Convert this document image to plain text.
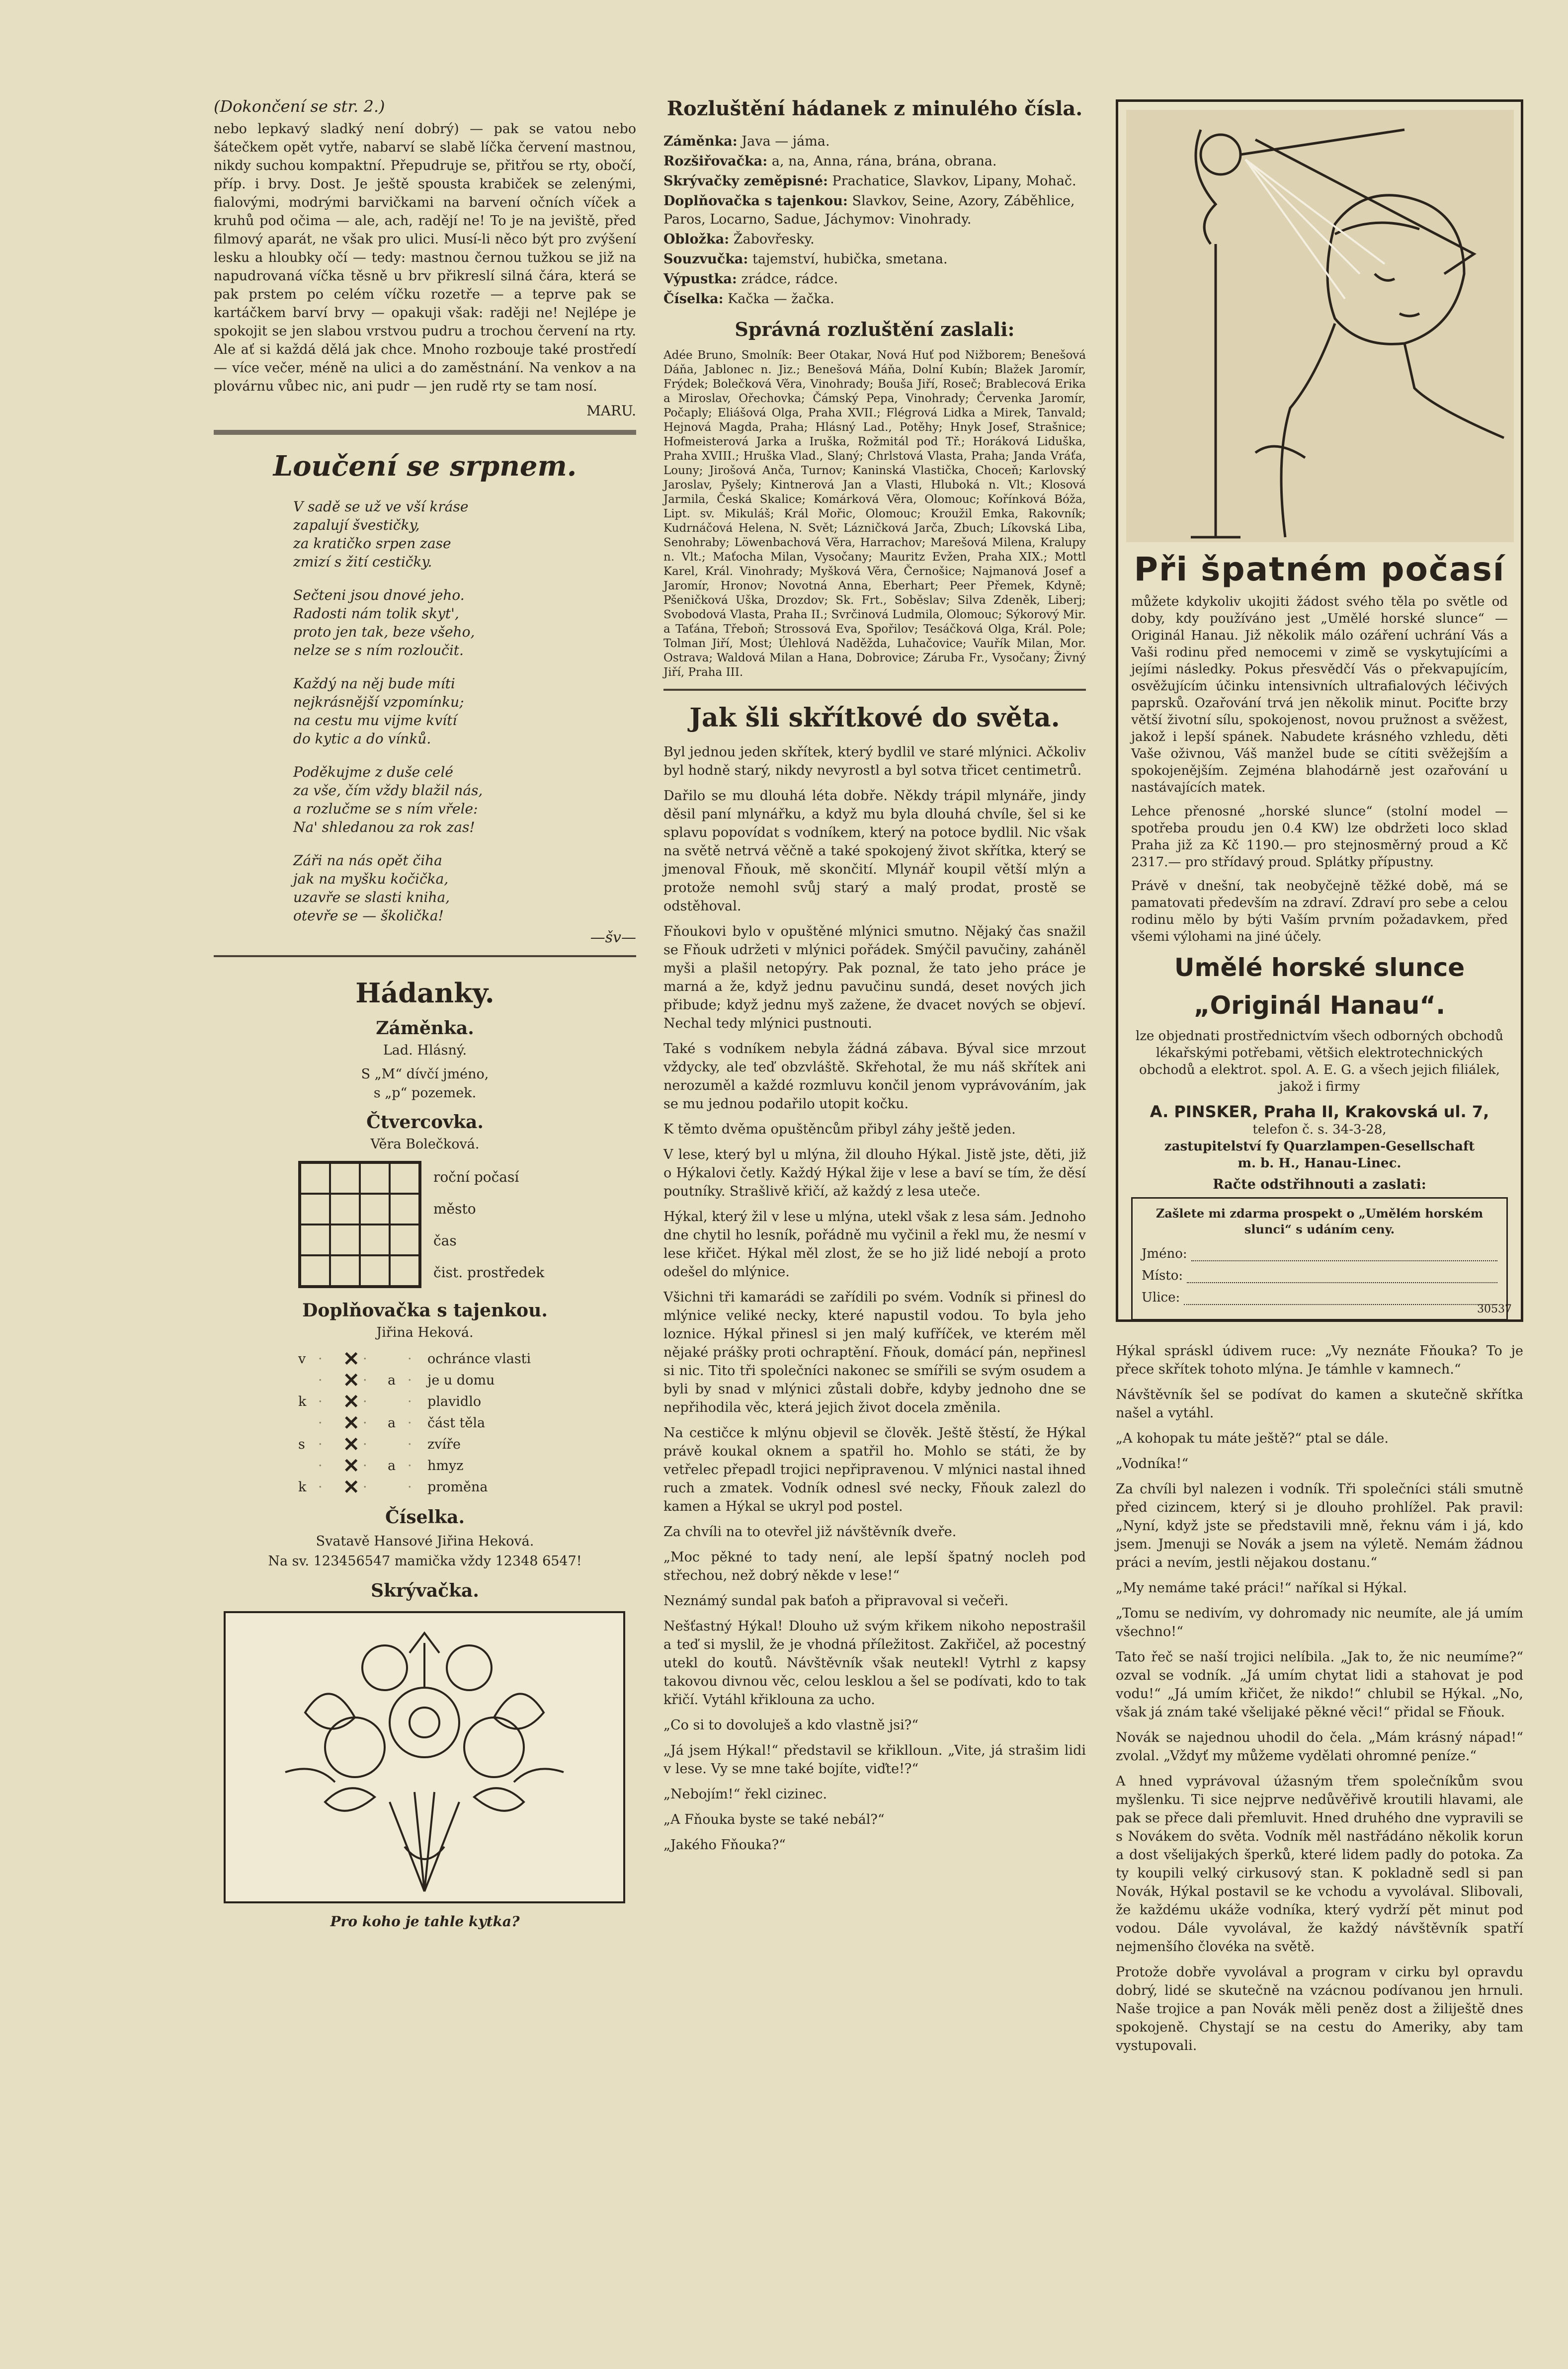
(Dokončení se str. 2.)

nebo lepkavý sladký není dobrý) — pak se vatou nebo šátečkem opět vytře, nabarví se slabě líčka červení mastnou, nikdy suchou kompaktní. Přepudruje se, přitřou se rty, obočí, příp. i brvy. Dost. Je ještě spousta krabiček se zelenými, fialovými, modrými barvičkami na barvení očních víček a kruhů pod očima — ale, ach, radějí ne! To je na jeviště, před filmový aparát, ne však pro ulici. Musí-li něco být pro zvýšení lesku a hloubky očí — tedy: mastnou černou tužkou se již na napudrovaná víčka těsně u brv přikreslí silná čára, která se pak prstem po celém víčku rozetře — a teprve pak se kartáčkem barví brvy — opakuji však: raději ne! Nejlépe je spokojit se jen slabou vrstvou pudru a trochou červení na rty. Ale ať si každá dělá jak chce. Mnoho rozbouje také prostředí — více večer, méně na ulici a do zaměstnání. Na venkov a na plovárnu vůbec nic, ani pudr — jen rudě rty se tam nosí.

MARU.
Loučení se srpnem.
V sadě se už ve vší kráse
zapalují švestičky,
za kratičko srpen zase
zmizí s žití cestičky.
Sečteni jsou dnové jeho.
Radosti nám tolik skyt',
proto jen tak, beze všeho,
nelze se s ním rozloučit.
Každý na něj bude míti
nejkrásnější vzpomínku;
na cestu mu vijme kvítí
do kytic a do vínků.
Poděkujme z duše celé
za vše, čím vždy blažil nás,
a rozlučme se s ním vřele:
Na' shledanou za rok zas!
Záři na nás opět čiha
jak na myšku kočička,
uzavře se slasti kniha,
otevře se — školička!
—šv—
Hádanky.
Záměnka.
Lad. Hlásný.
S „M“ dívčí jméno,
s „p“ pozemek.
Čtvercovka.
Věra Bolečková.
roční počasí
město
čas
čist. prostředek
Doplňovačka s tajenkou.
Jiřina Heková.
v ·	✕ ·	·	ochránce vlasti
·	✕ ·	a ·	je u domu
k ·	✕ ·	·	plavidlo
·	✕ ·	a ·	část těla
s ·	✕ ·	·	zvíře
·	✕ ·	a ·	hmyz
k ·	✕ ·	·	proměna
Číselka.
Svatavě Hansové Jiřina Heková.
Na sv. 123456547 mamička vždy 12348 6547!
Skrývačka.
Pro koho je tahle kytka?
Rozluštění hádanek z minulého čísla.

Záměnka: Java — jáma.

Rozšiřovačka: a, na, Anna, rána, brána, obrana.

Skrývačky zeměpisné: Prachatice, Slavkov, Lipany, Mohač.

Doplňovačka s tajenkou: Slavkov, Seine, Azory, Záběhlice, Paros, Locarno, Sadue, Jáchymov: Vinohrady.

Obložka: Žabovřesky.

Souzvučka: tajemství, hubička, smetana.

Výpustka: zrádce, rádce.

Číselka: Kačka — žačka.

Správná rozluštění zaslali:

Adée Bruno, Smolník: Beer Otakar, Nová Huť pod Nižborem; Benešová Dáňa, Jablonec n. Jiz.; Benešová Máňa, Dolní Kubín; Blažek Jaromír, Frýdek; Bolečková Věra, Vinohrady; Bouša Jiří, Roseč; Brablecová Erika a Miroslav, Ořechovka; Čámský Pepa, Vinohrady; Červenka Jaromír, Počaply; Eliášová Olga, Praha XVII.; Flégrová Lidka a Mirek, Tanvald; Hejnová Magda, Praha; Hlásný Lad., Potěhy; Hnyk Josef, Strašnice; Hofmeisterová Jarka a Iruška, Rožmitál pod Tř.; Horáková Liduška, Praha XVIII.; Hruška Vlad., Slaný; Chrlstová Vlasta, Praha; Janda Vráťa, Louny; Jirošová Anča, Turnov; Kaninská Vlastička, Choceň; Karlovský Jaroslav, Pyšely; Kintnerová Jan a Vlasti, Hluboká n. Vlt.; Klosová Jarmila, Česká Skalice; Komárková Věra, Olomouc; Kořínková Bóža, Lipt. sv. Mikuláš; Král Mořic, Olomouc; Kroužil Emka, Rakovník; Kudrnáčová Helena, N. Svět; Lázničková Jarča, Zbuch; Líkovská Liba, Senohraby; Löwenbachová Věra, Harrachov; Marešová Milena, Kralupy n. Vlt.; Maťocha Milan, Vysočany; Mauritz Evžen, Praha XIX.; Mottl Karel, Král. Vinohrady; Myšková Věra, Černošice; Najmanová Josef a Jaromír, Hronov; Novotná Anna, Eberhart; Peer Přemek, Kdyně; Pšeničková Uška, Drozdov; Sk. Frt., Soběslav; Silva Zdeněk, Liberj; Svobodová Vlasta, Praha II.; Svrčinová Ludmila, Olomouc; Sýkorový Mir. a Taťána, Třeboň; Strossová Eva, Spořilov; Tesáčková Olga, Král. Pole; Tolman Jiří, Most; Úlehlová Naděžda, Luhačovice; Vauřík Milan, Mor. Ostrava; Waldová Milan a Hana, Dobrovice; Záruba Fr., Vysočany; Živný Jiří, Praha III.

Jak šli skřítkové do světa.

Byl jednou jeden skřítek, který bydlil ve staré mlýnici. Ačkoliv byl hodně starý, nikdy nevyrostl a byl sotva třicet centimetrů.

Dařilo se mu dlouhá léta dobře. Někdy trápil mlynáře, jindy děsil paní mlynářku, a když mu byla dlouhá chvíle, šel si ke splavu popovídat s vodníkem, který na potoce bydlil. Nic však na světě netrvá věčně a také spokojený život skřítka, který se jmenoval Fňouk, mě skončití. Mlynář koupil větší mlýn a protože nemohl svůj starý a malý prodat, prostě se odstěhoval.

Fňoukovi bylo v opuštěné mlýnici smutno. Nějaký čas snažil se Fňouk udržeti v mlýnici pořádek. Smýčil pavučiny, zaháněl myši a plašil netopýry. Pak poznal, že tato jeho práce je marná a že, když jednu pavučinu sundá, deset nových jich přibude; když jednu myš zažene, že dvacet nových se objeví. Nechal tedy mlýnici pustnouti.

Také s vodníkem nebyla žádná zábava. Býval sice mrzout vždycky, ale teď obzvláště. Skřehotal, že mu náš skřítek ani nerozuměl a každé rozmluvu končil jenom vyprávováním, jak se mu jednou podařilo utopit kočku.

K těmto dvěma opuštěncům přibyl záhy ještě jeden.

V lese, který byl u mlýna, žil dlouho Hýkal. Jistě jste, děti, již o Hýkalovi četly. Každý Hýkal žije v lese a baví se tím, že děsí poutníky. Strašlivě křičí, až každý z lesa uteče.

Hýkal, který žil v lese u mlýna, utekl však z lesa sám. Jednoho dne chytil ho lesník, pořádně mu vyčinil a řekl mu, že nesmí v lese křičet. Hýkal měl zlost, že se ho již lidé nebojí a proto odešel do mlýnice.

Všichni tři kamarádi se zařídili po svém. Vodník si přinesl do mlýnice veliké necky, které napustil vodou. To byla jeho loznice. Hýkal přinesl si jen malý kufříček, ve kterém měl nějaké prášky proti ochraptění. Fňouk, domácí pán, nepřinesl si nic. Tito tři společníci nakonec se smířili se svým osudem a byli by snad v mlýnici zůstali dobře, kdyby jednoho dne se nepřihodila věc, která jejich život docela změnila.

Na cestičce k mlýnu objevil se člověk. Ještě štěstí, že Hýkal právě koukal oknem a spatřil ho. Mohlo se státi, že by vetřelec přepadl trojici nepřipravenou. V mlýnici nastal ihned ruch a zmatek. Vodník odnesl své necky, Fňouk zalezl do kamen a Hýkal se ukryl pod postel.

Za chvíli na to otevřel již návštěvník dveře.

„Moc pěkné to tady není, ale lepší špatný nocleh pod střechou, než dobrý někde v lese!“

Neznámý sundal pak baťoh a připravoval si večeři.

Nešťastný Hýkal! Dlouho už svým křikem nikoho nepostrašil a teď si myslil, že je vhodná příležitost. Zakřičel, až pocestný utekl do koutů. Návštěvník však neutekl! Vytrhl z kapsy takovou divnou věc, celou lesklou a šel se podívati, kdo to tak křičí. Vytáhl křiklouna za ucho.

„Co si to dovoluješ a kdo vlastně jsi?“

„Já jsem Hýkal!“ představil se křiklloun. „Vite, já strašim lidi v lese. Vy se mne také bojíte, viďte!?“

„Nebojím!“ řekl cizinec.

„A Fňouka byste se také nebál?“

„Jakého Fňouka?“

Při špatném počasí

můžete kdykoliv ukojiti žádost svého těla po světle od doby, kdy používáno jest „Umělé horské slunce“ — Originál Hanau. Již několik málo ozáření uchrání Vás a Vaši rodinu před nemocemi v zimě se vyskytujícími a jejími následky. Pokus přesvědčí Vás o překvapujícím, osvěžujícím účinku intensivních ultrafialových léčivých paprsků. Ozařování trvá jen několik minut. Pociťte brzy větší životní sílu, spokojenost, novou pružnost a svěžest, jakož i lepší spánek. Nabudete krásného vzhledu, děti Vaše oživnou, Váš manžel bude se cítiti svěžejším a spokojenějším. Zejména blahodárně jest ozařování u nastávajících matek.

Lehce přenosné „horské slunce“ (stolní model — spotřeba proudu jen 0.4 KW) lze obdržeti loco sklad Praha již za Kč 1190.— pro stejnosměrný proud a Kč 2317.— pro střídavý proud. Splátky přípustny.

Právě v dnešní, tak neobyčejně těžké době, má se pamatovati především na zdraví. Zdraví pro sebe a celou rodinu mělo by býti Vaším prvním požadavkem, před všemi výlohami na jiné účely.

Umělé horské slunce
„Originál Hanau“.

lze objednati prostřednictvím všech odborných obchodů lékařskými potřebami, většich elektrotechnických obchodů a elektrot. spol. A. E. G. a všech jejich filiálek, jakož i firmy

A. PINSKER, Praha II, Krakovská ul. 7,
telefon č. s. 34-3-28,
zastupitelství fy Quarzlampen-Gesellschaft
m. b. H., Hanau-Linec.
Račte odstřihnouti a zaslati:
Zašlete mi zdarma prospekt o „Umělém horském slunci“ s udáním ceny.
Jméno:
Místo:
Ulice:
30537

Hýkal spráskl údivem ruce: „Vy neznáte Fňouka? To je přece skřítek tohoto mlýna. Je támhle v kamnech.“

Návštěvník šel se podívat do kamen a skutečně skřítka našel a vytáhl.

„A kohopak tu máte ještě?“ ptal se dále.

„Vodníka!“

Za chvíli byl nalezen i vodník. Tři společníci stáli smutně před cizincem, který si je dlouho prohlížel. Pak pravil: „Nyní, když jste se představili mně, řeknu vám i já, kdo jsem. Jmenuji se Novák a jsem na výletě. Nemám žádnou práci a nevím, jestli nějakou dostanu.“

„My nemáme také práci!“ naříkal si Hýkal.

„Tomu se nedivím, vy dohromady nic neumíte, ale já umím všechno!“

Tato řeč se naší trojici nelíbila. „Jak to, že nic neumíme?“ ozval se vodník. „Já umím chytat lidi a stahovat je pod vodu!“ „Já umím křičet, že nikdo!“ chlubil se Hýkal. „No, však já znám také všelijaké pěkné věci!“ přidal se Fňouk.

Novák se najednou uhodil do čela. „Mám krásný nápad!“ zvolal. „Vždyť my můžeme vydělati ohromné peníze.“

A hned vyprávoval úžasným třem společníkům svou myšlenku. Ti sice nejprve nedůvěřivě kroutili hlavami, ale pak se přece dali přemluvit. Hned druhého dne vypravili se s Novákem do světa. Vodník měl nastřádáno několik korun a dost všelijakých šperků, které lidem padly do potoka. Za ty koupili velký cirkusový stan. K pokladně sedl si pan Novák, Hýkal postavil se ke vchodu a vyvolával. Slibovali, že každému ukáže vodníka, který vydrží pět minut pod vodou. Dále vyvolával, že každý návštěvník spatří nejmenšího človéka na světě.

Protože dobře vyvolával a program v cirku byl opravdu dobrý, lidé se skutečně na vzácnou podívanou jen hrnuli. Naše trojice a pan Novák měli peněz dost a žiliještě dnes spokojeně. Chystají se na cestu do Ameriky, aby tam vystupovali.
